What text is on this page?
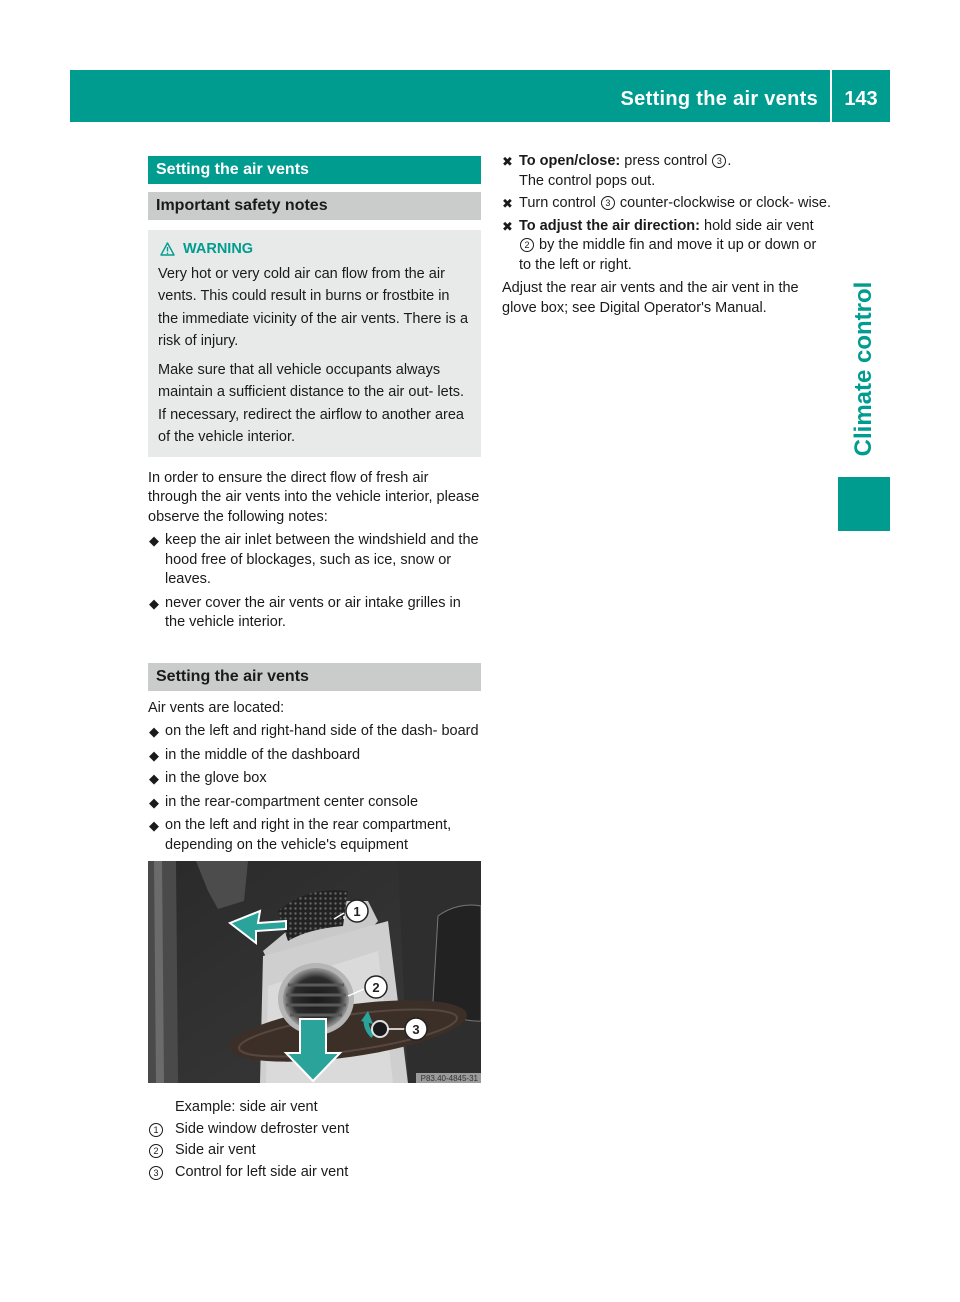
Setting the air vents	143
Climate control
Setting the air vents
Important safety notes
WARNING

Very hot or very cold air can flow from the air vents. This could result in burns or frostbite in the immediate vicinity of the air vents. There is a risk of injury.

Make sure that all vehicle occupants always maintain a sufficient distance to the air out- lets. If necessary, redirect the airflow to another area of the vehicle interior.

In order to ensure the direct flow of fresh air through the air vents into the vehicle interior, please observe the following notes:

◆ keep the air inlet between the windshield and the hood free of blockages, such as ice, snow or leaves.
◆ never cover the air vents or air intake grilles in the vehicle interior.
Setting the air vents

Air vents are located:

◆ on the left and right-hand side of the dash- board
◆ in the middle of the dashboard
◆ in the glove box
◆ in the rear-compartment center console
◆ on the left and right in the rear compartment, depending on the vehicle's equipment
1
2
3
P83.40-4845-31
Example: side air vent
1	Side window defroster vent
2	Side air vent
3	Control for left side air vent
✖ To open/close: press control 3 .
The control pops out.
✖ Turn control 3 counter-clockwise or clock- wise.
✖ To adjust the air direction: hold side air vent 2 by the middle fin and move it up or down or to the left or right.

Adjust the rear air vents and the air vent in the glove box; see Digital Operator's Manual.
